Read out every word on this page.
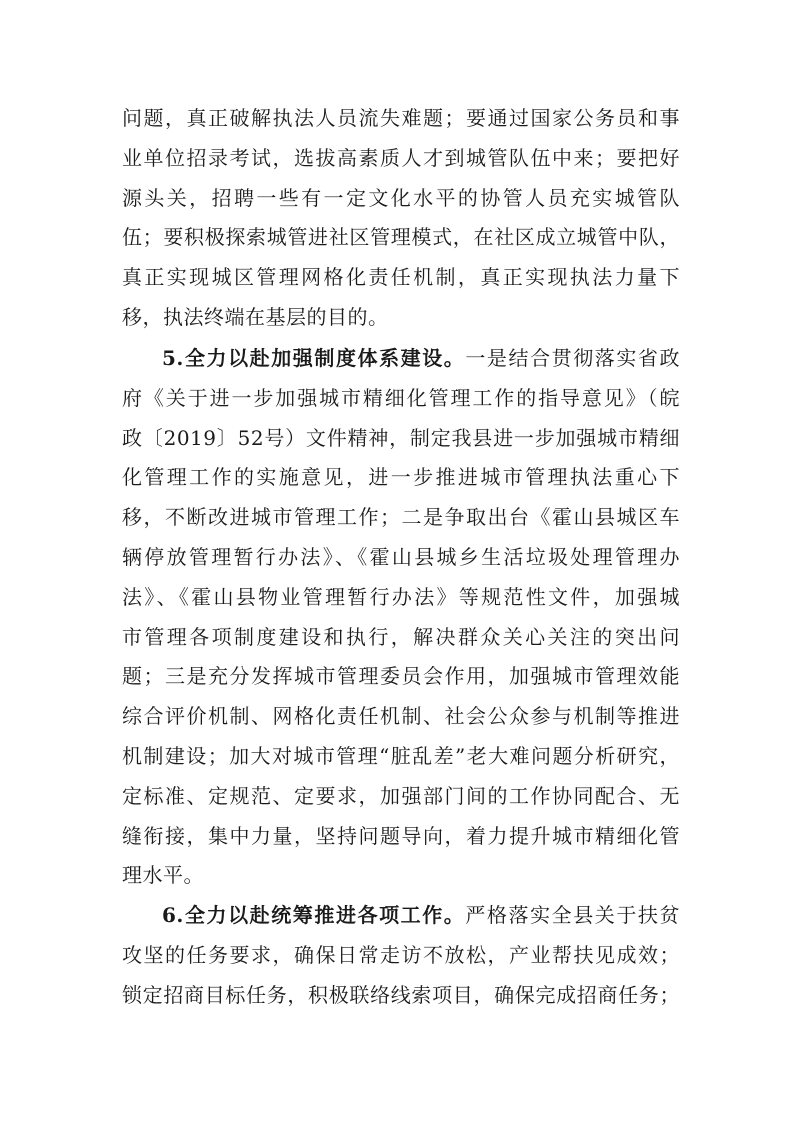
问题，真正破解执法人员流失难题；要通过国家公务员和事
业单位招录考试，选拔高素质人才到城管队伍中来；要把好
源头关，招聘一些有一定文化水平的协管人员充实城管队
伍；要积极探索城管进社区管理模式，在社区成立城管中队，
真正实现城区管理网格化责任机制，真正实现执法力量下
移，执法终端在基层的目的。
5.全力以赴加强制度体系建设。一是结合贯彻落实省政
府《关于进一步加强城市精细化管理工作的指导意见》（皖
政〔2019〕52号）文件精神，制定我县进一步加强城市精细
化管理工作的实施意见，进一步推进城市管理执法重心下
移，不断改进城市管理工作；二是争取出台《霍山县城区车
辆停放管理暂行办法》、《霍山县城乡生活垃圾处理管理办
法》、《霍山县物业管理暂行办法》等规范性文件，加强城
市管理各项制度建设和执行，解决群众关心关注的突出问
题；三是充分发挥城市管理委员会作用，加强城市管理效能
综合评价机制、网格化责任机制、社会公众参与机制等推进
机制建设；加大对城市管理“脏乱差”老大难问题分析研究，
定标准、定规范、定要求，加强部门间的工作协同配合、无
缝衔接，集中力量，坚持问题导向，着力提升城市精细化管
理水平。
6.全力以赴统筹推进各项工作。严格落实全县关于扶贫
攻坚的任务要求，确保日常走访不放松，产业帮扶见成效；
锁定招商目标任务，积极联络线索项目，确保完成招商任务；
